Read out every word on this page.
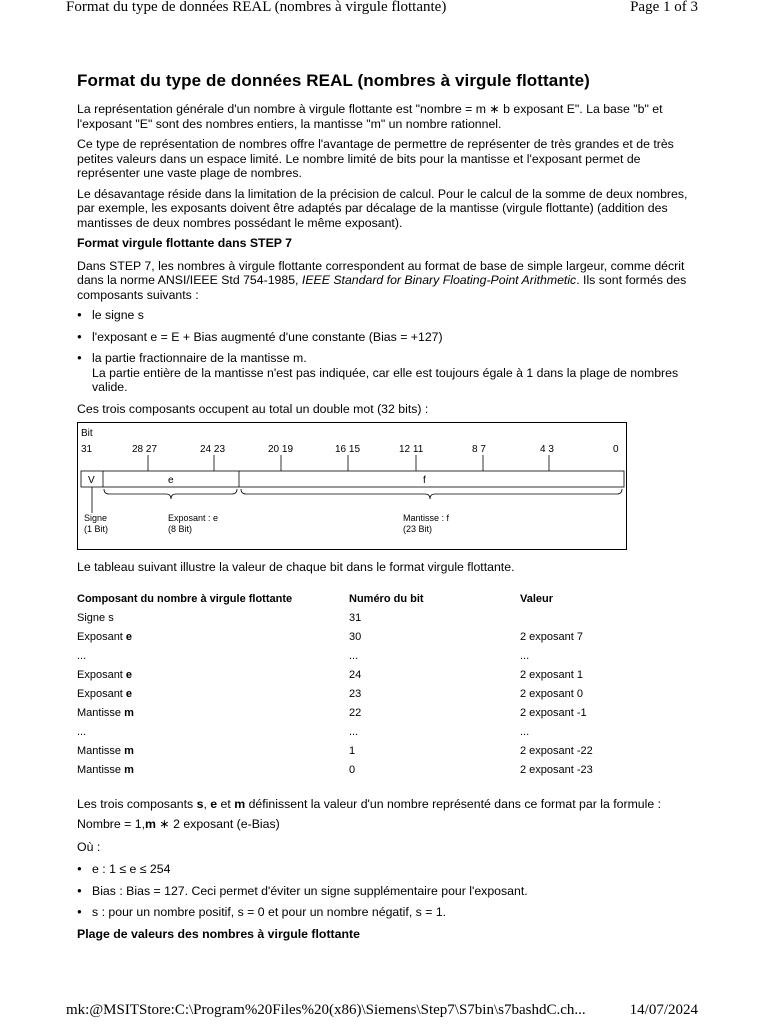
Format du type de données REAL (nombres à virgule flottante)	Page 1 of 3
Format du type de données REAL (nombres à virgule flottante)

La représentation générale d'un nombre à virgule flottante est "nombre = m ∗ b exposant E". La base "b" et l'exposant "E" sont des nombres entiers, la mantisse "m" un nombre rationnel.

Ce type de représentation de nombres offre l'avantage de permettre de représenter de très grandes et de très petites valeurs dans un espace limité. Le nombre limité de bits pour la mantisse et l'exposant permet de représenter une vaste plage de nombres.

Le désavantage réside dans la limitation de la précision de calcul. Pour le calcul de la somme de deux nombres, par exemple, les exposants doivent être adaptés par décalage de la mantisse (virgule flottante) (addition des mantisses de deux nombres possédant le même exposant).

Format virgule flottante dans STEP 7

Dans STEP 7, les nombres à virgule flottante correspondent au format de base de simple largeur, comme décrit dans la norme ANSI/IEEE Std 754-1985, IEEE Standard for Binary Floating-Point Arithmetic. Ils sont formés des composants suivants :

● le signe s
● l'exposant e = E + Bias augmenté d'une constante (Bias = +127)
● la partie fractionnaire de la mantisse m.
La partie entière de la mantisse n'est pas indiquée, car elle est toujours égale à 1 dans la plage de nombres valide.

Ces trois composants occupent au total un double mot (32 bits) :

Bit
31	28 27	24 23	20 19	16 15	12 11	8 7	4 3	0
V	e	f
Signe
(1 Bit)
Exposant : e
(8 Bit)
Mantisse : f
(23 Bit)

Le tableau suivant illustre la valeur de chaque bit dans le format virgule flottante.

Composant du nombre à virgule flottante	Numéro du bit	Valeur
Signe s	31	
Exposant e	30	2 exposant 7
...	...	...
Exposant e	24	2 exposant 1
Exposant e	23	2 exposant 0
Mantisse m	22	2 exposant -1
...	...	...
Mantisse m	1	2 exposant -22
Mantisse m	0	2 exposant -23

Les trois composants s, e et m définissent la valeur d'un nombre représenté dans ce format par la formule :

Nombre = 1,m ∗ 2 exposant (e-Bias)

Où :

● e : 1 ≤ e ≤ 254
● Bias : Bias = 127. Ceci permet d'éviter un signe supplémentaire pour l'exposant.
● s : pour un nombre positif, s = 0 et pour un nombre négatif, s = 1.

Plage de valeurs des nombres à virgule flottante

mk:@MSITStore:C:\Program%20Files%20(x86)\Siemens\Step7\S7bin\s7bashdC.ch...	14/07/2024
